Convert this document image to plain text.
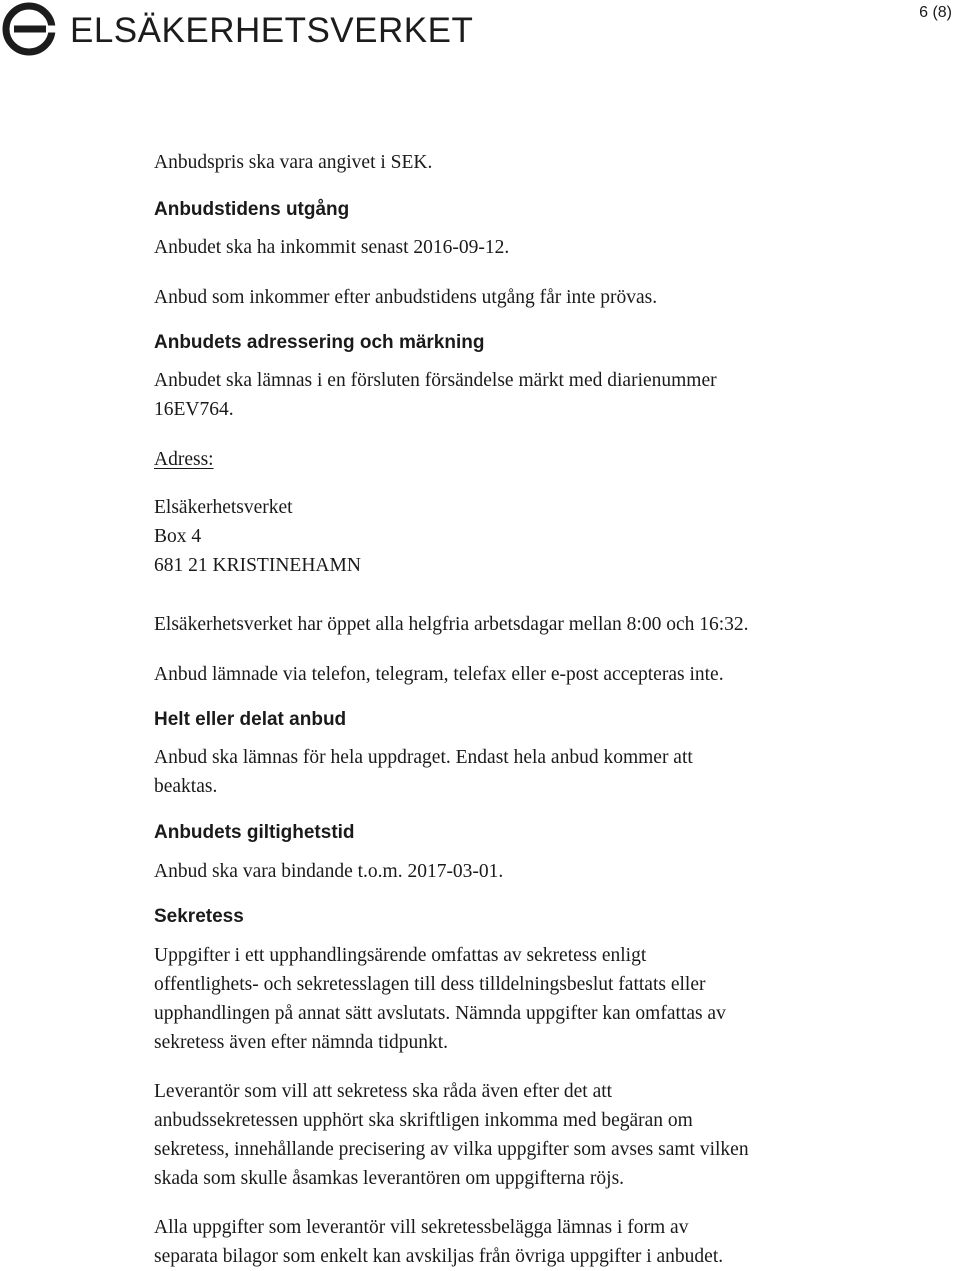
ELSÄKERHETSVERKET	6 (8)

Anbudspris ska vara angivet i SEK.

Anbudstidens utgång

Anbudet ska ha inkommit senast 2016-09-12.

Anbud som inkommer efter anbudstidens utgång får inte prövas.

Anbudets adressering och märkning

Anbudet ska lämnas i en försluten försändelse märkt med diarienummer

16EV764.

Adress:

Elsäkerhetsverket

Box 4

681 21 KRISTINEHAMN

Elsäkerhetsverket har öppet alla helgfria arbetsdagar mellan 8:00 och 16:32.

Anbud lämnade via telefon, telegram, telefax eller e-post accepteras inte.

Helt eller delat anbud

Anbud ska lämnas för hela uppdraget. Endast hela anbud kommer att

beaktas.

Anbudets giltighetstid

Anbud ska vara bindande t.o.m. 2017-03-01.

Sekretess

Uppgifter i ett upphandlingsärende omfattas av sekretess enligt

offentlighets- och sekretesslagen till dess tilldelningsbeslut fattats eller

upphandlingen på annat sätt avslutats. Nämnda uppgifter kan omfattas av

sekretess även efter nämnda tidpunkt.

Leverantör som vill att sekretess ska råda även efter det att

anbudssekretessen upphört ska skriftligen inkomma med begäran om

sekretess, innehållande precisering av vilka uppgifter som avses samt vilken

skada som skulle åsamkas leverantören om uppgifterna röjs.

Alla uppgifter som leverantör vill sekretessbelägga lämnas i form av

separata bilagor som enkelt kan avskiljas från övriga uppgifter i anbudet.
